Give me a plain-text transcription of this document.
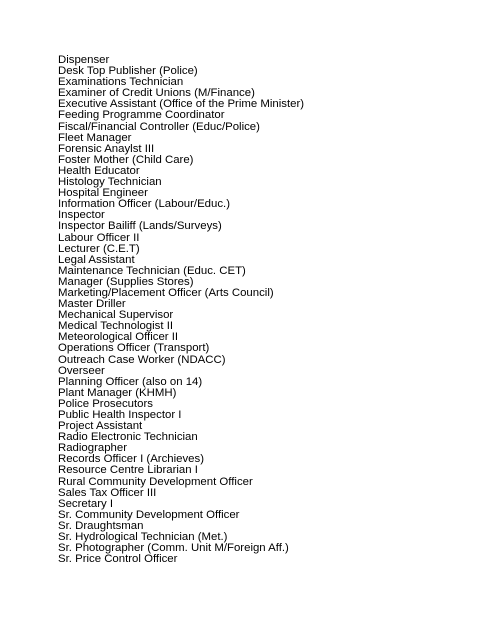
Dispenser
Desk Top Publisher (Police)
Examinations Technician
Examiner of Credit Unions (M/Finance)
Executive Assistant (Office of the Prime Minister)
Feeding Programme Coordinator
Fiscal/Financial Controller (Educ/Police)
Fleet Manager
Forensic Anaylst III
Foster Mother (Child Care)
Health Educator
Histology Technician
Hospital Engineer
Information Officer (Labour/Educ.)
Inspector
Inspector Bailiff (Lands/Surveys)
Labour Officer II
Lecturer (C.E.T)
Legal Assistant
Maintenance Technician (Educ. CET)
Manager (Supplies Stores)
Marketing/Placement Officer (Arts Council)
Master Driller
Mechanical Supervisor
Medical Technologist II
Meteorological Officer II
Operations Officer (Transport)
Outreach Case Worker (NDACC)
Overseer
Planning Officer (also on 14)
Plant Manager (KHMH)
Police Prosecutors
Public Health Inspector I
Project Assistant
Radio Electronic Technician
Radiographer
Records Officer I (Archieves)
Resource Centre Librarian I
Rural Community Development Officer
Sales Tax Officer III
Secretary I
Sr. Community Development Officer
Sr. Draughtsman
Sr. Hydrological Technician (Met.)
Sr. Photographer (Comm. Unit M/Foreign Aff.)
Sr. Price Control Officer
